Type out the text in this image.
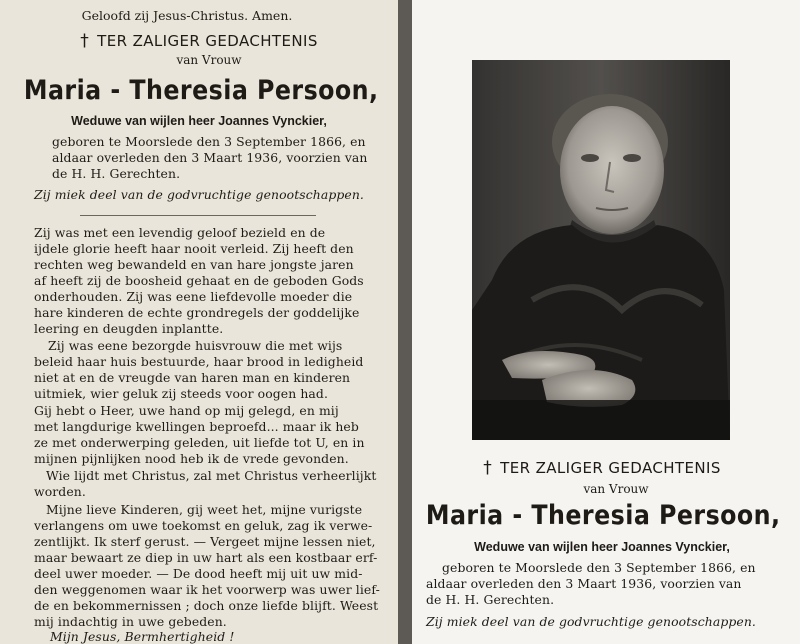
Geloofd zij Jesus-Christus. Amen.
† TER ZALIGER GEDACHTENIS
van Vrouw
Maria - Theresia Persoon,
Weduwe van wijlen heer Joannes Vynckier,
geboren te Moorslede den 3 September 1866, en
aldaar overleden den 3 Maart 1936, voorzien van
de H. H. Gerechten.
Zij miek deel van de godvruchtige genootschappen.
Zij was met een levendig geloof bezield en de
ijdele glorie heeft haar nooit verleid. Zij heeft den
rechten weg bewandeld en van hare jongste jaren
af heeft zij de boosheid gehaat en de geboden Gods
onderhouden. Zij was eene liefdevolle moeder die
hare kinderen de echte grondregels der goddelijke
leering en deugden inplantte.
Zij was eene bezorgde huisvrouw die met wijs
beleid haar huis bestuurde, haar brood in ledigheid
niet at en de vreugde van haren man en kinderen
uitmiek, wier geluk zij steeds voor oogen had.
Gij hebt o Heer, uwe hand op mij gelegd, en mij
met langdurige kwellingen beproefd... maar ik heb
ze met onderwerping geleden, uit liefde tot U, en in
mijnen pijnlijken nood heb ik de vrede gevonden.
Wie lijdt met Christus, zal met Christus verheerlijkt
worden.
Mijne lieve Kinderen, gij weet het, mijne vurigste
verlangens om uwe toekomst en geluk, zag ik verwe-
zentlijkt. Ik sterf gerust. — Vergeet mijne lessen niet,
maar bewaart ze diep in uw hart als een kostbaar erf-
deel uwer moeder. — De dood heeft mij uit uw mid-
den weggenomen waar ik het voorwerp was uwer lief-
de en bekommernissen ; doch onze liefde blijft. Weest
mij indachtig in uwe gebeden.
Mijn Jesus, Bermhertigheid !
† TER ZALIGER GEDACHTENIS
van Vrouw
Maria - Theresia Persoon,
Weduwe van wijlen heer Joannes Vynckier,
geboren te Moorslede den 3 September 1866, en
aldaar overleden den 3 Maart 1936, voorzien van
de H. H. Gerechten.
Zij miek deel van de godvruchtige genootschappen.
